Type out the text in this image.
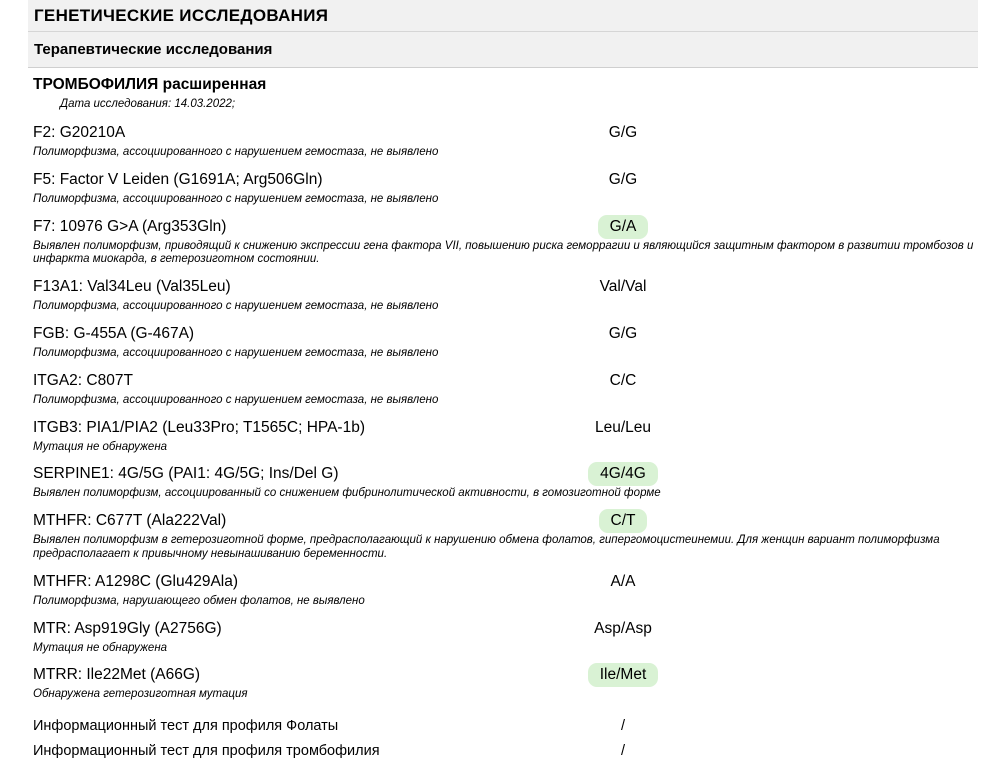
ГЕНЕТИЧЕСКИЕ ИССЛЕДОВАНИЯ
Терапевтические исследования
ТРОМБОФИЛИЯ расширенная
Дата исследования: 14.03.2022;
F2: G20210A	G/G
Полиморфизма, ассоциированного с нарушением гемостаза, не выявлено
F5: Factor V Leiden (G1691A; Arg506Gln)	G/G
Полиморфизма, ассоциированного с нарушением гемостаза, не выявлено
F7: 10976 G>A (Arg353Gln)	G/A
Выявлен полиморфизм, приводящий к снижению экспрессии гена фактора VII, повышению риска геморрагии и являющийся защитным фактором в развитии тромбозов и инфаркта миокарда, в гетерозиготном состоянии.
F13A1: Val34Leu (Val35Leu)	Val/Val
Полиморфизма, ассоциированного с нарушением гемостаза, не выявлено
FGB: G-455A (G-467A)	G/G
Полиморфизма, ассоциированного с нарушением гемостаза, не выявлено
ITGA2: C807T	C/C
Полиморфизма, ассоциированного с нарушением гемостаза, не выявлено
ITGB3: PIA1/PIA2 (Leu33Pro; T1565C; HPA-1b)	Leu/Leu
Мутация не обнаружена
SERPINE1: 4G/5G (PAI1: 4G/5G; Ins/Del G)	4G/4G
Выявлен полиморфизм, ассоциированный со снижением фибринолитической активности, в гомозиготной форме
MTHFR: C677T (Ala222Val)	C/T
Выявлен полиморфизм в гетерозиготной форме, предрасполагающий к нарушению обмена фолатов, гипергомоцистеинемии. Для женщин вариант полиморфизма предрасполагает к привычному невынашиванию беременности.
MTHFR: A1298C (Glu429Ala)	A/A
Полиморфизма, нарушающего обмен фолатов, не выявлено
MTR: Asp919Gly (A2756G)	Asp/Asp
Мутация не обнаружена
MTRR: Ile22Met (A66G)	Ile/Met
Обнаружена гетерозиготная мутация
Информационный тест для профиля Фолаты	/
Информационный тест для профиля тромбофилия	/
